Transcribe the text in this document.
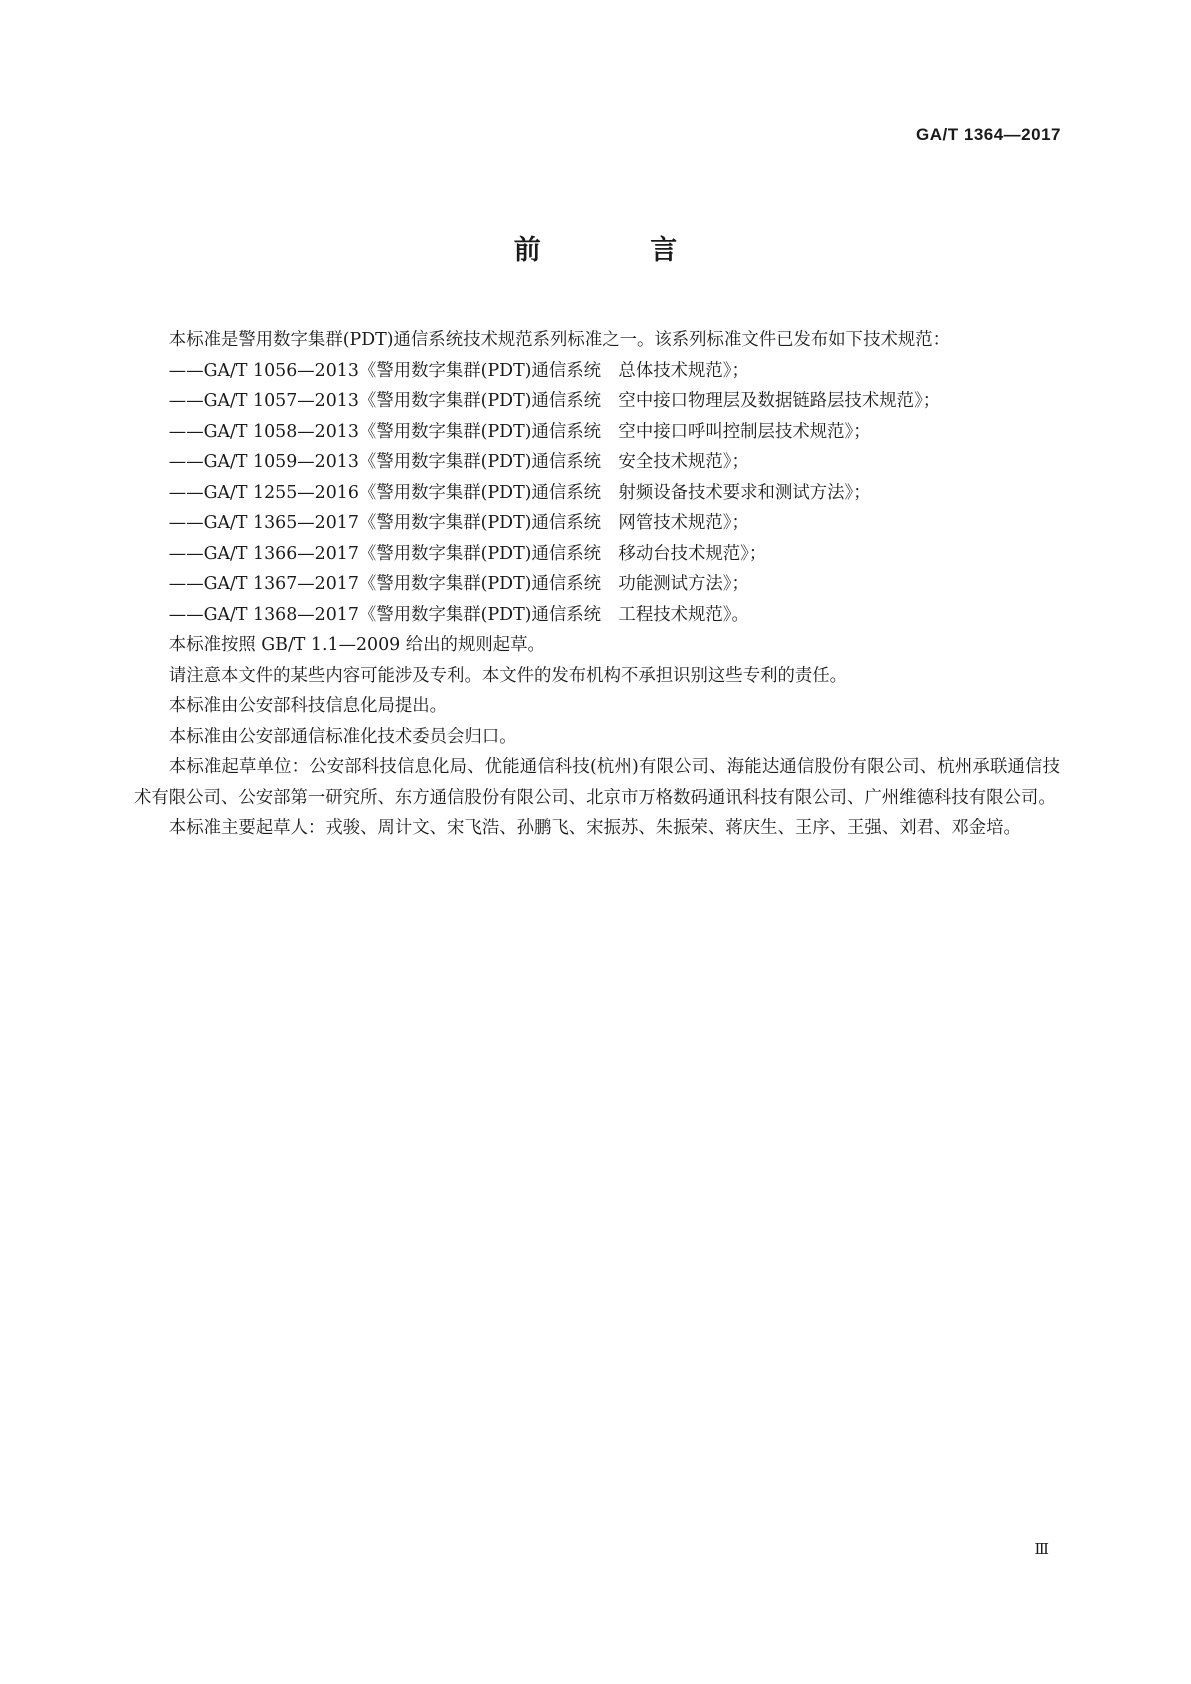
GA/T 1364—2017
前 言

本标准是警用数字集群(PDT)通信系统技术规范系列标准之一。该系列标准文件已发布如下技术规范：

——GA/T 1056—2013《警用数字集群(PDT)通信系统　总体技术规范》；

——GA/T 1057—2013《警用数字集群(PDT)通信系统　空中接口物理层及数据链路层技术规范》；

——GA/T 1058—2013《警用数字集群(PDT)通信系统　空中接口呼叫控制层技术规范》；

——GA/T 1059—2013《警用数字集群(PDT)通信系统　安全技术规范》；

——GA/T 1255—2016《警用数字集群(PDT)通信系统　射频设备技术要求和测试方法》；

——GA/T 1365—2017《警用数字集群(PDT)通信系统　网管技术规范》；

——GA/T 1366—2017《警用数字集群(PDT)通信系统　移动台技术规范》；

——GA/T 1367—2017《警用数字集群(PDT)通信系统　功能测试方法》；

——GA/T 1368—2017《警用数字集群(PDT)通信系统　工程技术规范》。

本标准按照 GB/T 1.1—2009 给出的规则起草。

请注意本文件的某些内容可能涉及专利。本文件的发布机构不承担识别这些专利的责任。

本标准由公安部科技信息化局提出。

本标准由公安部通信标准化技术委员会归口。

本标准起草单位：公安部科技信息化局、优能通信科技(杭州)有限公司、海能达通信股份有限公司、杭州承联通信技术有限公司、公安部第一研究所、东方通信股份有限公司、北京市万格数码通讯科技有限公司、广州维德科技有限公司。

本标准主要起草人：戎骏、周计文、宋飞浩、孙鹏飞、宋振苏、朱振荣、蒋庆生、王序、王强、刘君、邓金培。

Ⅲ
